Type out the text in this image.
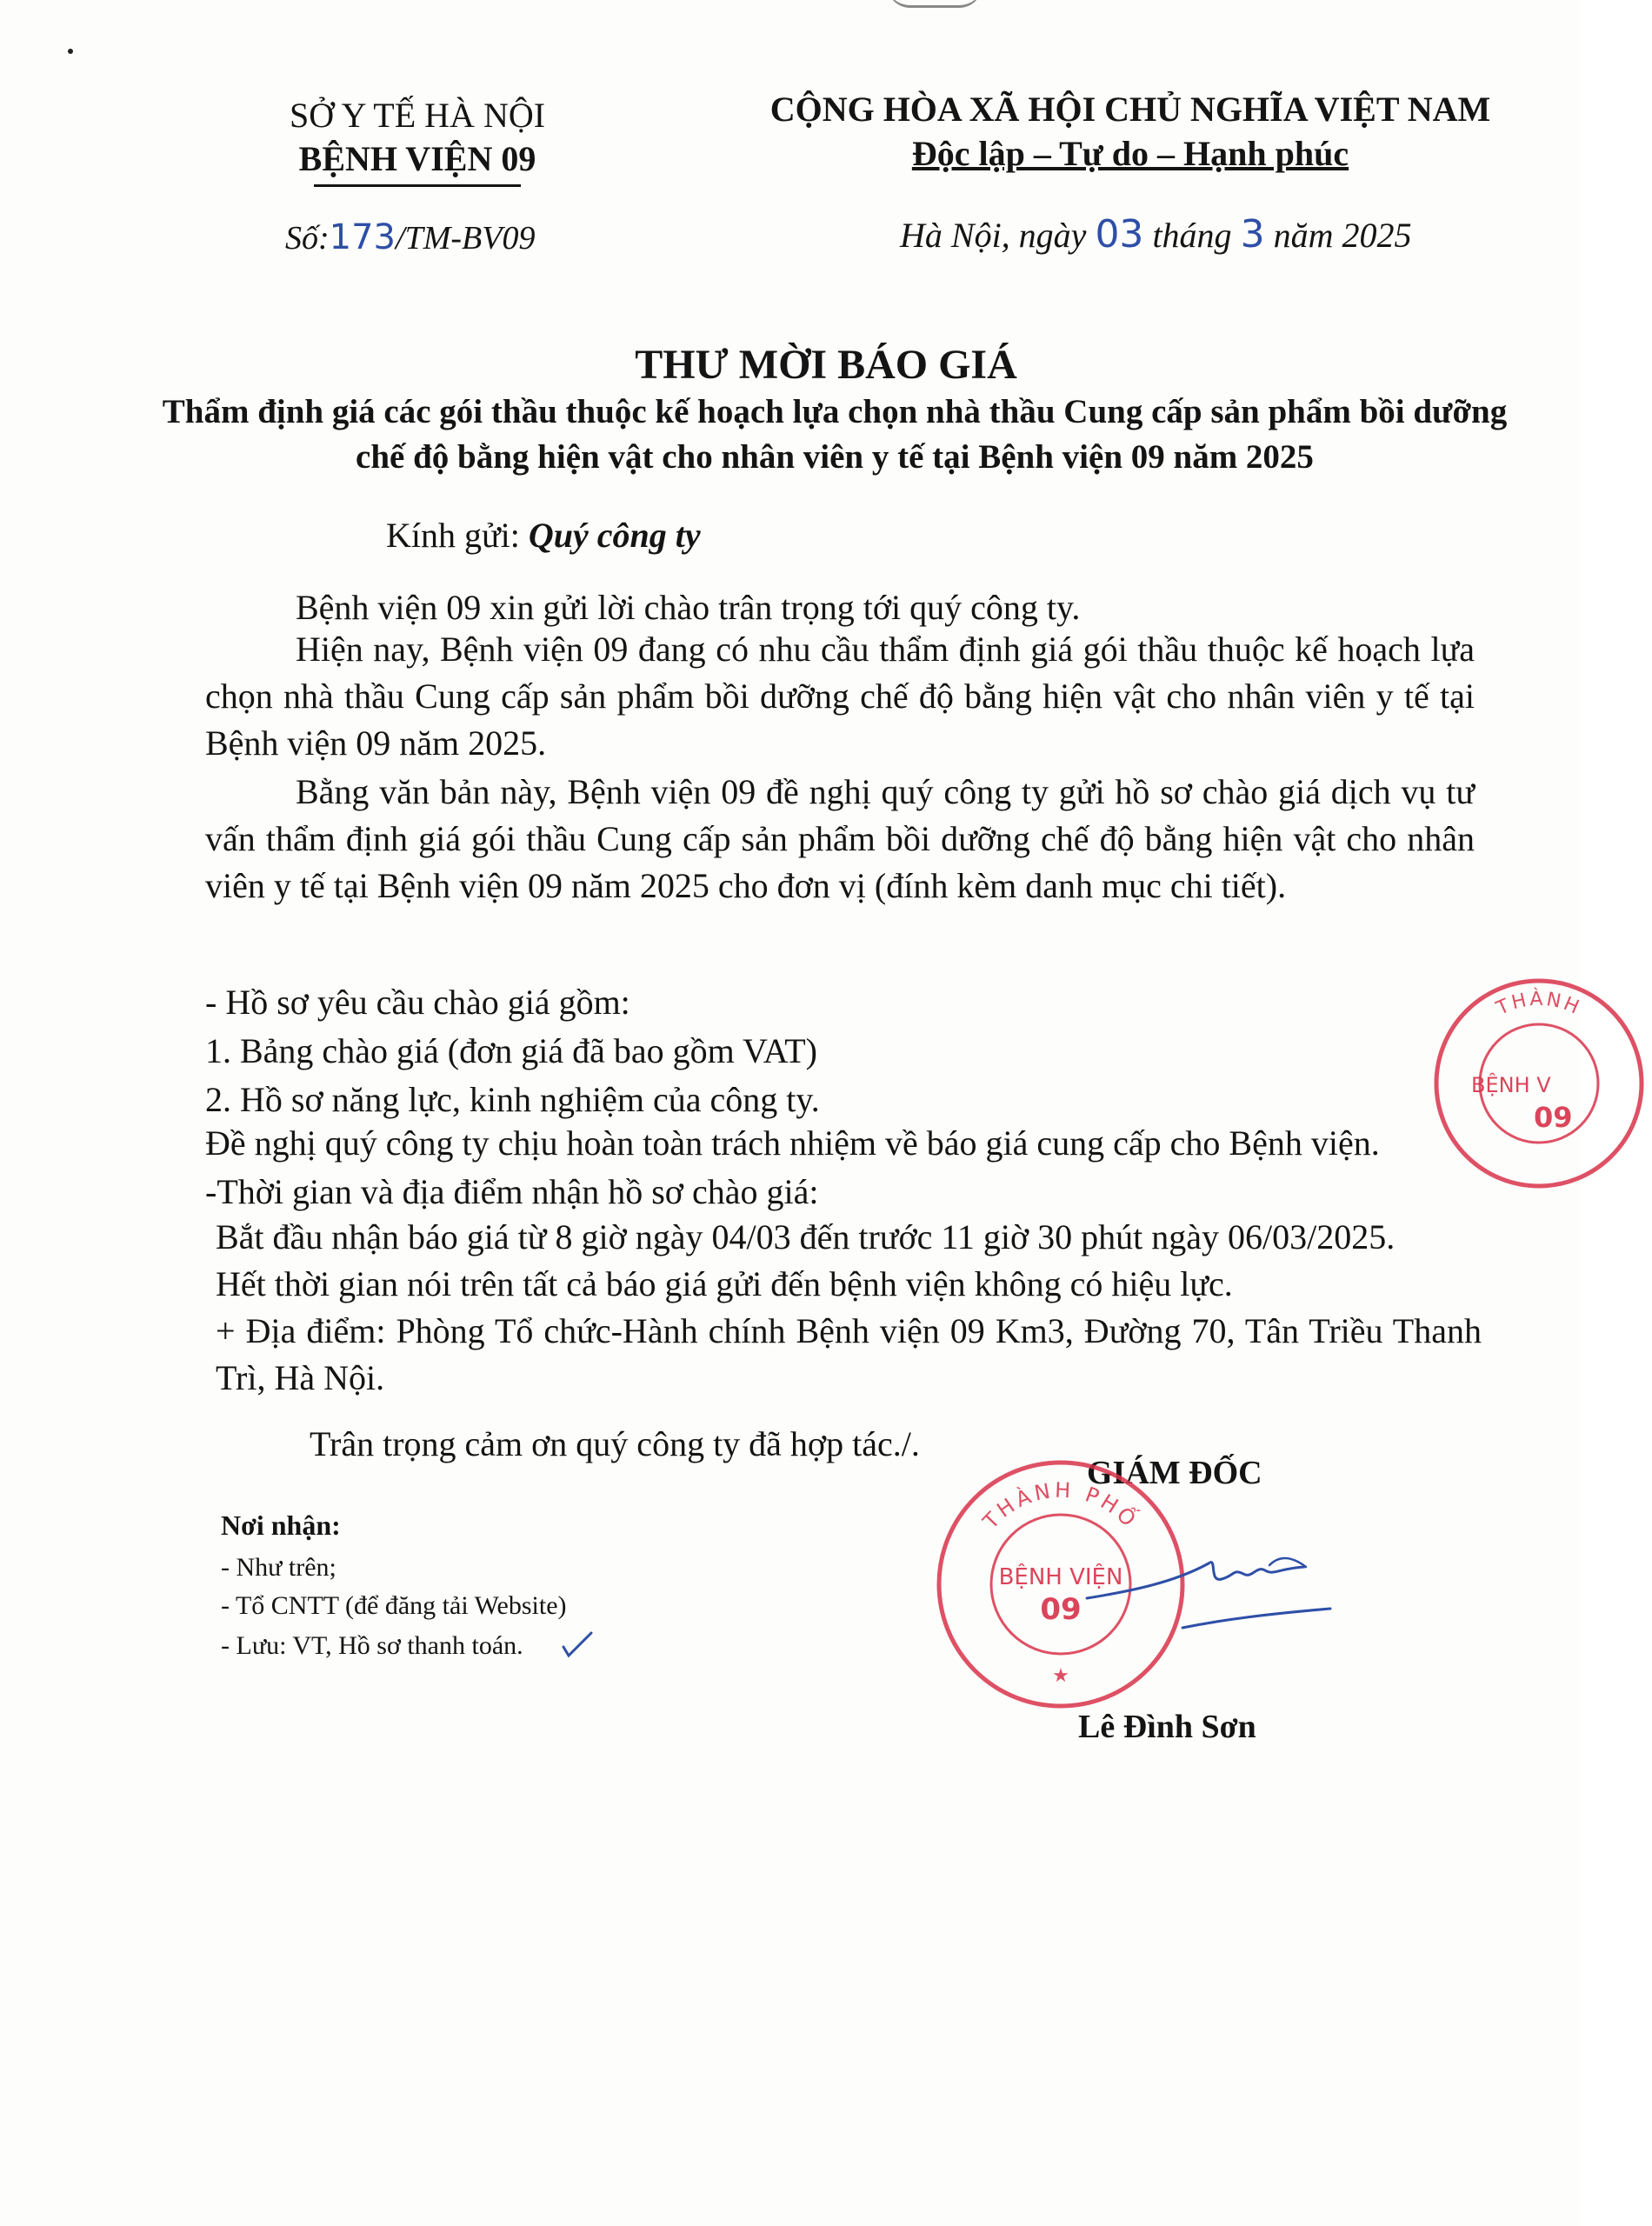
SỞ Y TẾ HÀ NỘI
BỆNH VIỆN 09
CỘNG HÒA XÃ HỘI CHỦ NGHĨA VIỆT NAM
Độc lập – Tự do – Hạnh phúc
Số:173/TM-BV09	Hà Nội, ngày 03 tháng 3 năm 2025
THƯ MỜI BÁO GIÁ
Thẩm định giá các gói thầu thuộc kế hoạch lựa chọn nhà thầu Cung cấp sản phẩm bồi dưỡng chế độ bằng hiện vật cho nhân viên y tế tại Bệnh viện 09 năm 2025
Kính gửi: Quý công ty
Bệnh viện 09 xin gửi lời chào trân trọng tới quý công ty.
Hiện nay, Bệnh viện 09 đang có nhu cầu thẩm định giá gói thầu thuộc kế hoạch lựa chọn nhà thầu Cung cấp sản phẩm bồi dưỡng chế độ bằng hiện vật cho nhân viên y tế tại Bệnh viện 09 năm 2025.
Bằng văn bản này, Bệnh viện 09 đề nghị quý công ty gửi hồ sơ chào giá dịch vụ tư vấn thẩm định giá gói thầu Cung cấp sản phẩm bồi dưỡng chế độ bằng hiện vật cho nhân viên y tế tại Bệnh viện 09 năm 2025 cho đơn vị (đính kèm danh mục chi tiết).
- Hồ sơ yêu cầu chào giá gồm:
1. Bảng chào giá (đơn giá đã bao gồm VAT)
2. Hồ sơ năng lực, kinh nghiệm của công ty.
Đề nghị quý công ty chịu hoàn toàn trách nhiệm về báo giá cung cấp cho Bệnh viện.
-Thời gian và địa điểm nhận hồ sơ chào giá:
Bắt đầu nhận báo giá từ 8 giờ ngày 04/03 đến trước 11 giờ 30 phút ngày 06/03/2025.
Hết thời gian nói trên tất cả báo giá gửi đến bệnh viện không có hiệu lực.
+ Địa điểm: Phòng Tổ chức-Hành chính Bệnh viện 09 Km3, Đường 70, Tân Triều Thanh Trì, Hà Nội.
Trân trọng cảm ơn quý công ty đã hợp tác./.
Nơi nhận:
- Như trên;
- Tổ CNTT (để đăng tải Website)
- Lưu: VT, Hồ sơ thanh toán.
GIÁM ĐỐC
THÀNH PHỐ
BỆNH VIỆN
09
★
Lê Đình Sơn
THÀNH
BỆNH V
09
